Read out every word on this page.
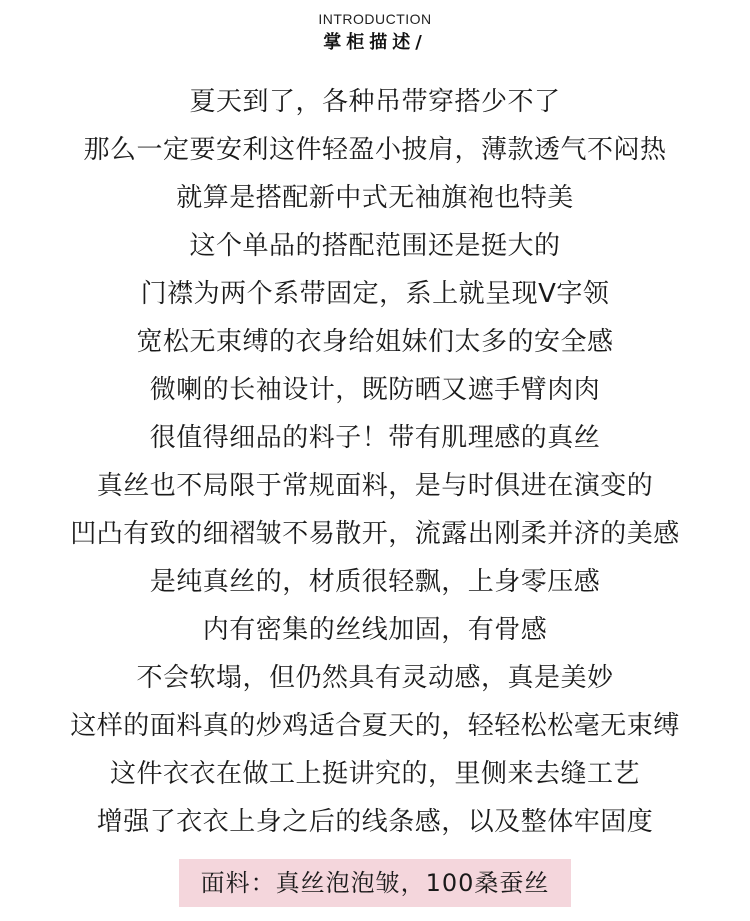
INTRODUCTION
掌柜描述/
夏天到了，各种吊带穿搭少不了
那么一定要安利这件轻盈小披肩，薄款透气不闷热
就算是搭配新中式无袖旗袍也特美
这个单品的搭配范围还是挺大的
门襟为两个系带固定，系上就呈现V字领
宽松无束缚的衣身给姐妹们太多的安全感
微喇的长袖设计，既防晒又遮手臂肉肉
很值得细品的料子！带有肌理感的真丝
真丝也不局限于常规面料，是与时俱进在演变的
凹凸有致的细褶皱不易散开，流露出刚柔并济的美感
是纯真丝的，材质很轻飘，上身零压感
内有密集的丝线加固，有骨感
不会软塌，但仍然具有灵动感，真是美妙
这样的面料真的炒鸡适合夏天的，轻轻松松毫无束缚
这件衣衣在做工上挺讲究的，里侧来去缝工艺
增强了衣衣上身之后的线条感，以及整体牢固度
面料：真丝泡泡皱，100桑蚕丝
